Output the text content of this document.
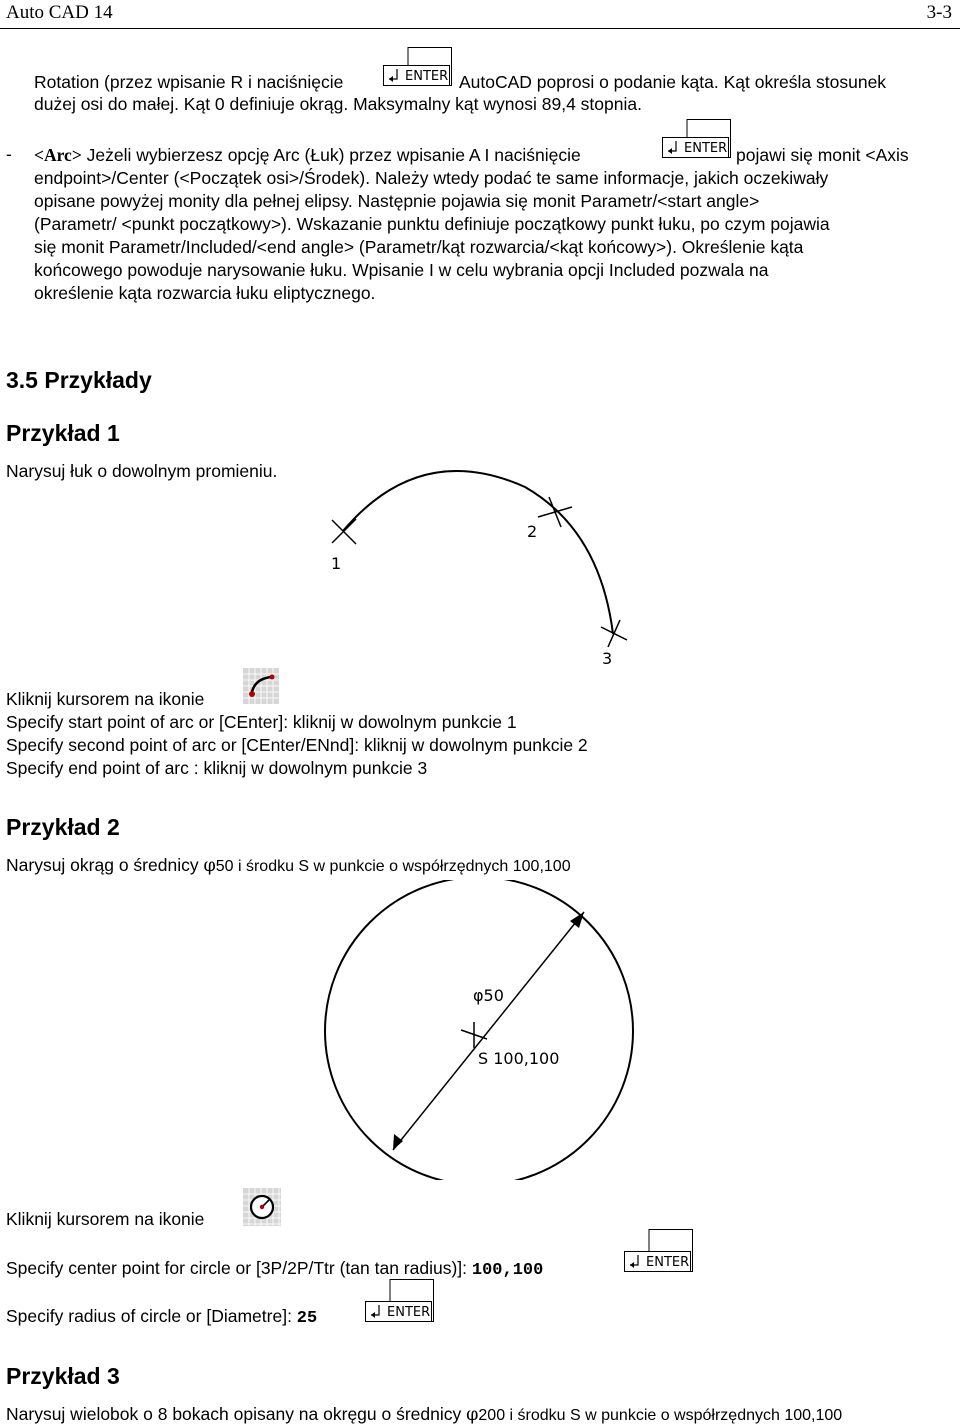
Auto CAD 14	3-3
Rotation (przez wpisanie R i naciśnięcie	ENTER AutoCAD poprosi o podanie kąta. Kąt określa stosunek
dużej osi do małej. Kąt 0 definiuje okrąg. Maksymalny kąt wynosi 89,4 stopnia.
- <Arc> Jeżeli wybierzesz opcję Arc (Łuk) przez wpisanie A I naciśnięcie	ENTER pojawi się monit <Axis
endpoint>/Center (<Początek osi>/Środek). Należy wtedy podać te same informacje, jakich oczekiwały
opisane powyżej monity dla pełnej elipsy. Następnie pojawia się monit Parametr/<start angle>
(Parametr/ <punkt początkowy>). Wskazanie punktu definiuje początkowy punkt łuku, po czym pojawia
się monit Parametr/Included/<end angle> (Parametr/kąt rozwarcia/<kąt końcowy>). Określenie kąta
końcowego powoduje narysowanie łuku. Wpisanie I w celu wybrania opcji Included pozwala na
określenie kąta rozwarcia łuku eliptycznego.
3.5 Przykłady
Przykład 1
Narysuj łuk o dowolnym promieniu.
1
2
3
Kliknij kursorem na ikonie
Specify start point of arc or [CEnter]: kliknij w dowolnym punkcie 1
Specify second point of arc or [CEnter/ENnd]: kliknij w dowolnym punkcie 2
Specify end point of arc : kliknij w dowolnym punkcie 3
Przykład 2
Narysuj okrąg o średnicy φ50 i środku S w punkcie o współrzędnych 100,100
φ50
S 100,100
Kliknij kursorem na ikonie
Specify center point for circle or [3P/2P/Ttr (tan tan radius)]: 100,100	ENTER
Specify radius of circle or [Diametre]: 25	ENTER
Przykład 3
Narysuj wielobok o 8 bokach opisany na okręgu o średnicy φ200 i środku S w punkcie o współrzędnych 100,100
